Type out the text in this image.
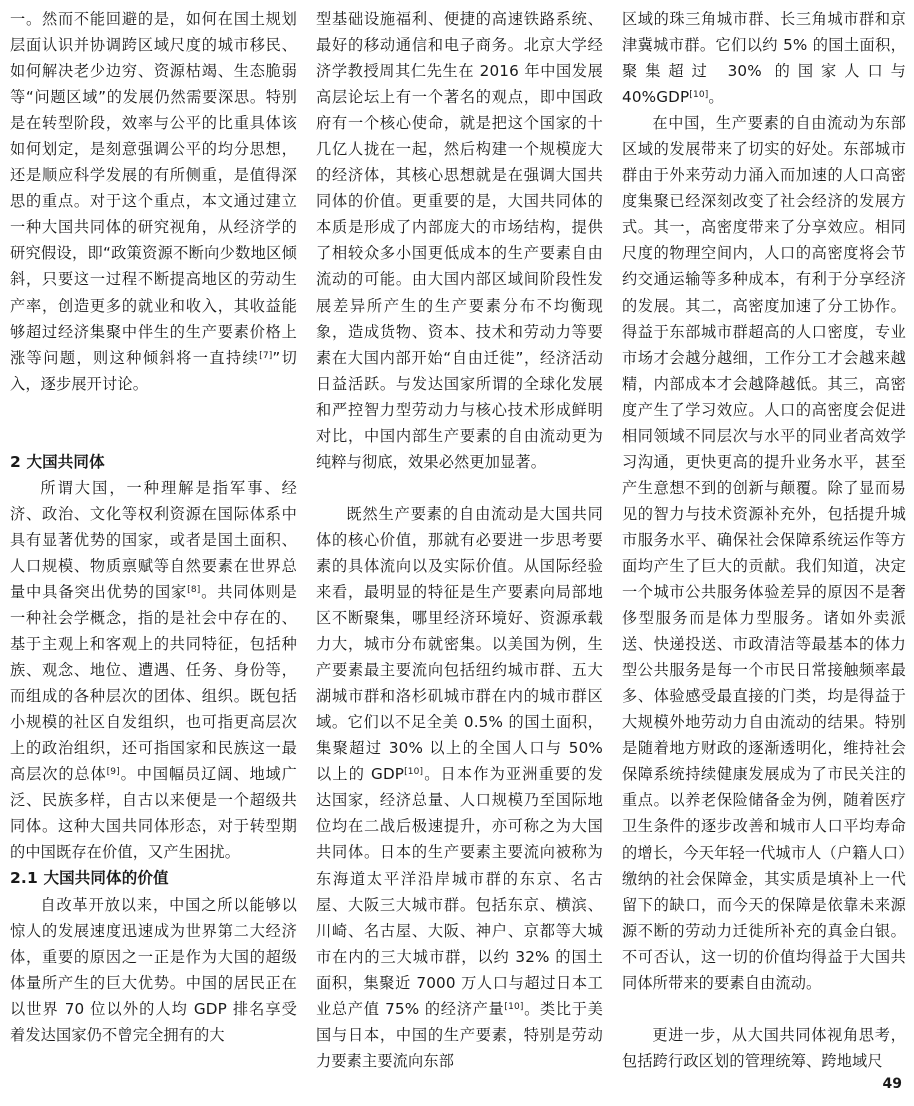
一。然而不能回避的是，如何在国土规划层面认识并协调跨区域尺度的城市移民、如何解决老少边穷、资源枯竭、生态脆弱等“问题区域”的发展仍然需要深思。特别是在转型阶段，效率与公平的比重具体该如何划定，是刻意强调公平的均分思想，还是顺应科学发展的有所侧重，是值得深思的重点。对于这个重点，本文通过建立一种大国共同体的研究视角，从经济学的研究假设，即“政策资源不断向少数地区倾斜，只要这一过程不断提高地区的劳动生产率，创造更多的就业和收入，其收益能够超过经济集聚中伴生的生产要素价格上涨等问题，则这种倾斜将一直持续[7]”切入，逐步展开讨论。

2 大国共同体

所谓大国，一种理解是指军事、经济、政治、文化等权利资源在国际体系中具有显著优势的国家，或者是国土面积、人口规模、物质禀赋等自然要素在世界总量中具备突出优势的国家[8]。共同体则是一种社会学概念，指的是社会中存在的、基于主观上和客观上的共同特征，包括种族、观念、地位、遭遇、任务、身份等，而组成的各种层次的团体、组织。既包括小规模的社区自发组织，也可指更高层次上的政治组织，还可指国家和民族这一最高层次的总体[9]。中国幅员辽阔、地域广泛、民族多样，自古以来便是一个超级共同体。这种大国共同体形态，对于转型期的中国既存在价值，又产生困扰。

2.1 大国共同体的价值

自改革开放以来，中国之所以能够以惊人的发展速度迅速成为世界第二大经济体，重要的原因之一正是作为大国的超级体量所产生的巨大优势。中国的居民正在以世界 70 位以外的人均 GDP 排名享受着发达国家仍不曾完全拥有的大

型基础设施福利、便捷的高速铁路系统、最好的移动通信和电子商务。北京大学经济学教授周其仁先生在 2016 年中国发展高层论坛上有一个著名的观点，即中国政府有一个核心使命，就是把这个国家的十几亿人拢在一起，然后构建一个规模庞大的经济体，其核心思想就是在强调大国共同体的价值。更重要的是，大国共同体的本质是形成了内部庞大的市场结构，提供了相较众多小国更低成本的生产要素自由流动的可能。由大国内部区域间阶段性发展差异所产生的生产要素分布不均衡现象，造成货物、资本、技术和劳动力等要素在大国内部开始“自由迁徙”，经济活动日益活跃。与发达国家所谓的全球化发展和严控智力型劳动力与核心技术形成鲜明对比，中国内部生产要素的自由流动更为纯粹与彻底，效果必然更加显著。

既然生产要素的自由流动是大国共同体的核心价值，那就有必要进一步思考要素的具体流向以及实际价值。从国际经验来看，最明显的特征是生产要素向局部地区不断聚集，哪里经济环境好、资源承载力大，城市分布就密集。以美国为例，生产要素最主要流向包括纽约城市群、五大湖城市群和洛杉矶城市群在内的城市群区域。它们以不足全美 0.5% 的国土面积，集聚超过 30% 以上的全国人口与 50% 以上的 GDP[10]。日本作为亚洲重要的发达国家，经济总量、人口规模乃至国际地位均在二战后极速提升，亦可称之为大国共同体。日本的生产要素主要流向被称为东海道太平洋沿岸城市群的东京、名古屋、大阪三大城市群。包括东京、横滨、川崎、名古屋、大阪、神户、京都等大城市在内的三大城市群，以约 32% 的国土面积，集聚近 7000 万人口与超过日本工业总产值 75% 的经济产量[10]。类比于美国与日本，中国的生产要素，特别是劳动力要素主要流向东部

区域的珠三角城市群、长三角城市群和京津冀城市群。它们以约 5% 的国土面积，聚集超过 30% 的国家人口与 40%GDP[10]。

在中国，生产要素的自由流动为东部区域的发展带来了切实的好处。东部城市群由于外来劳动力涌入而加速的人口高密度集聚已经深刻改变了社会经济的发展方式。其一，高密度带来了分享效应。相同尺度的物理空间内，人口的高密度将会节约交通运输等多种成本，有利于分享经济的发展。其二，高密度加速了分工协作。得益于东部城市群超高的人口密度，专业市场才会越分越细，工作分工才会越来越精，内部成本才会越降越低。其三，高密度产生了学习效应。人口的高密度会促进相同领域不同层次与水平的同业者高效学习沟通，更快更高的提升业务水平，甚至产生意想不到的创新与颠覆。除了显而易见的智力与技术资源补充外，包括提升城市服务水平、确保社会保障系统运作等方面均产生了巨大的贡献。我们知道，决定一个城市公共服务体验差异的原因不是奢侈型服务而是体力型服务。诸如外卖派送、快递投送、市政清洁等最基本的体力型公共服务是每一个市民日常接触频率最多、体验感受最直接的门类，均是得益于大规模外地劳动力自由流动的结果。特别是随着地方财政的逐渐透明化，维持社会保障系统持续健康发展成为了市民关注的重点。以养老保险储备金为例，随着医疗卫生条件的逐步改善和城市人口平均寿命的增长，今天年轻一代城市人（户籍人口）缴纳的社会保障金，其实质是填补上一代留下的缺口，而今天的保障是依靠未来源源不断的劳动力迁徙所补充的真金白银。不可否认，这一切的价值均得益于大国共同体所带来的要素自由流动。

更进一步，从大国共同体视角思考，包括跨行政区划的管理统筹、跨地域尺

49
